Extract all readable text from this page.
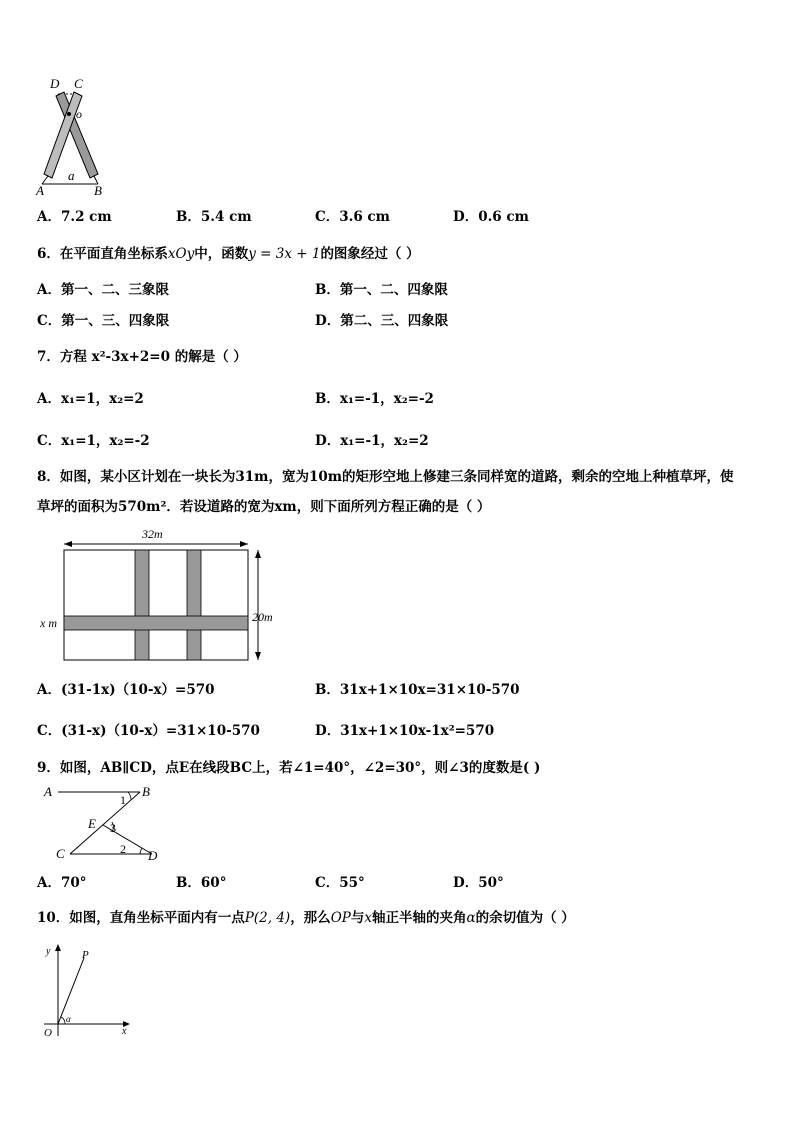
D C
o
A
a
B
A．7.2 cm	B．5.4 cm	C．3.6 cm	D．0.6 cm
6．在平面直角坐标系xOy中，函数y = 3x + 1的图象经过（ ）
A．第一、二、三象限	B．第一、二、四象限
C．第一、三、四象限	D．第二、三、四象限
7．方程 x²-3x+2=0 的解是（ ）
A．x₁=1，x₂=2	B．x₁=-1，x₂=-2
C．x₁=1，x₂=-2	D．x₁=-1，x₂=2
8．如图，某小区计划在一块长为31m，宽为10m的矩形空地上修建三条同样宽的道路，剩余的空地上种植草坪，使
草坪的面积为570m²．若设道路的宽为xm，则下面所列方程正确的是（ ）
32m
20m
x m
A．(31-1x)（10-x）=570	B．31x+1×10x=31×10-570
C．(31-x)（10-x）=31×10-570	D．31x+1×10x-1x²=570
9．如图，AB∥CD，点E在线段BC上，若∠1=40°，∠2=30°，则∠3的度数是( )
A	B
E
C	D
1
3
2
A．70°	B．60°	C．55°	D．50°
10．如图，直角坐标平面内有一点P(2, 4)，那么OP与x轴正半轴的夹角α的余切值为（ ）
y	P
O	x
α
